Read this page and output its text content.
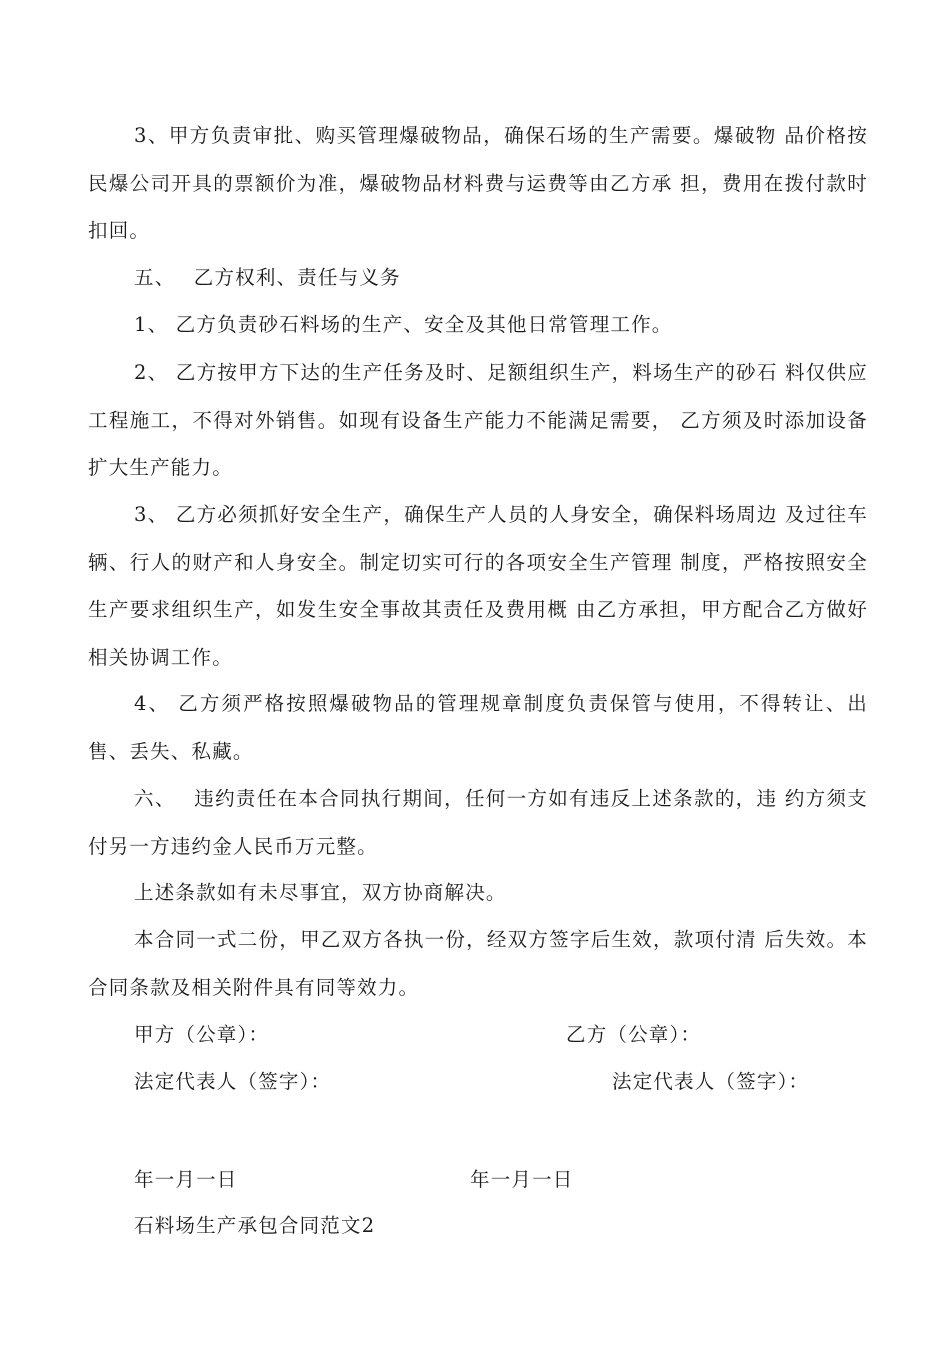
3、甲方负责审批、购买管理爆破物品，确保石场的生产需要。爆破物 品价格按民爆公司开具的票额价为准，爆破物品材料费与运费等由乙方承 担，费用在拨付款时扣回。

五、　 乙方权利、责任与义务

1、 乙方负责砂石料场的生产、安全及其他日常管理工作。

2、 乙方按甲方下达的生产任务及时、足额组织生产，料场生产的砂石 料仅供应工程施工，不得对外销售。如现有设备生产能力不能满足需要， 乙方须及时添加设备扩大生产能力。

3、 乙方必须抓好安全生产，确保生产人员的人身安全，确保料场周边 及过往车辆、行人的财产和人身安全。制定切实可行的各项安全生产管理 制度，严格按照安全生产要求组织生产，如发生安全事故其责任及费用概 由乙方承担，甲方配合乙方做好相关协调工作。

4、 乙方须严格按照爆破物品的管理规章制度负责保管与使用，不得转让、出售、丢失、私藏。

六、　 违约责任在本合同执行期间，任何一方如有违反上述条款的，违 约方须支付另一方违约金人民币万元整。

上述条款如有未尽事宜，双方协商解决。

本合同一式二份，甲乙双方各执一份，经双方签字后生效，款项付清 后失效。本合同条款及相关附件具有同等效力。

甲方（公章）：	乙方（公章）：

法定代表人（签字）：	法定代表人（签字）：

年一月一日	年一月一日

石料场生产承包合同范文2
